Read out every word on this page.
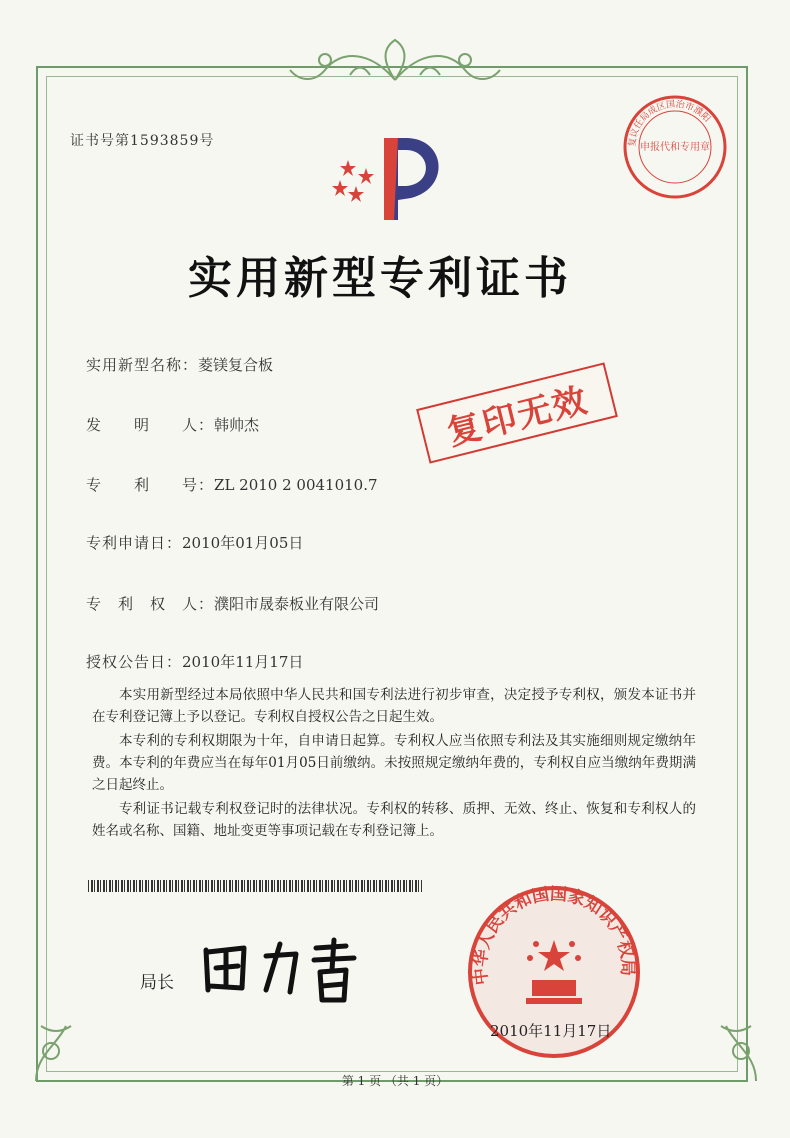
证书号第1593859号	复议任局成区国治市濮阳
申报代和专用章
实用新型专利证书
实用新型名称：菱镁复合板
发　　明　　人：韩帅杰
专　　利　　号：ZL 2010 2 0041010.7
专利申请日：2010年01月05日
专　利　权　人：濮阳市晟泰板业有限公司
授权公告日：2010年11月17日
复印无效

本实用新型经过本局依照中华人民共和国专利法进行初步审查，决定授予专利权，颁发本证书并在专利登记簿上予以登记。专利权自授权公告之日起生效。

本专利的专利权期限为十年，自申请日起算。专利权人应当依照专利法及其实施细则规定缴纳年费。本专利的年费应当在每年01月05日前缴纳。未按照规定缴纳年费的，专利权自应当缴纳年费期满之日起终止。

专利证书记载专利权登记时的法律状况。专利权的转移、质押、无效、终止、恢复和专利权人的姓名或名称、国籍、地址变更等事项记载在专利登记簿上。

局长	中华人民共和国国家知识产权局
2010年11月17日
第 1 页 （共 1 页）
